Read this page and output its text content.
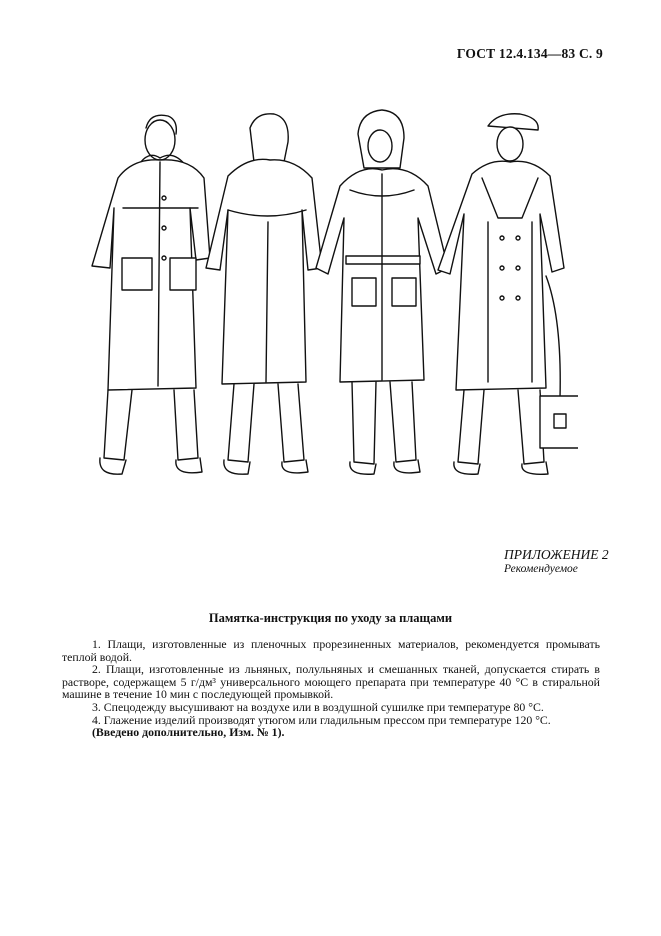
ГОСТ 12.4.134—83 С. 9
ПРИЛОЖЕНИЕ 2
Рекомендуемое
Памятка-инструкция по уходу за плащами

1. Плащи, изготовленные из пленочных прорезиненных материалов, рекомендуется промывать теплой водой.

2. Плащи, изготовленные из льняных, полульняных и смешанных тканей, допускается стирать в растворе, содержащем 5 г/дм³ универсального моющего препарата при температуре 40 °С в стиральной машине в течение 10 мин с последующей промывкой.

3. Спецодежду высушивают на воздухе или в воздушной сушилке при температуре 80 °С.

4. Глажение изделий производят утюгом или гладильным прессом при температуре 120 °С.

(Введено дополнительно, Изм. № 1).
